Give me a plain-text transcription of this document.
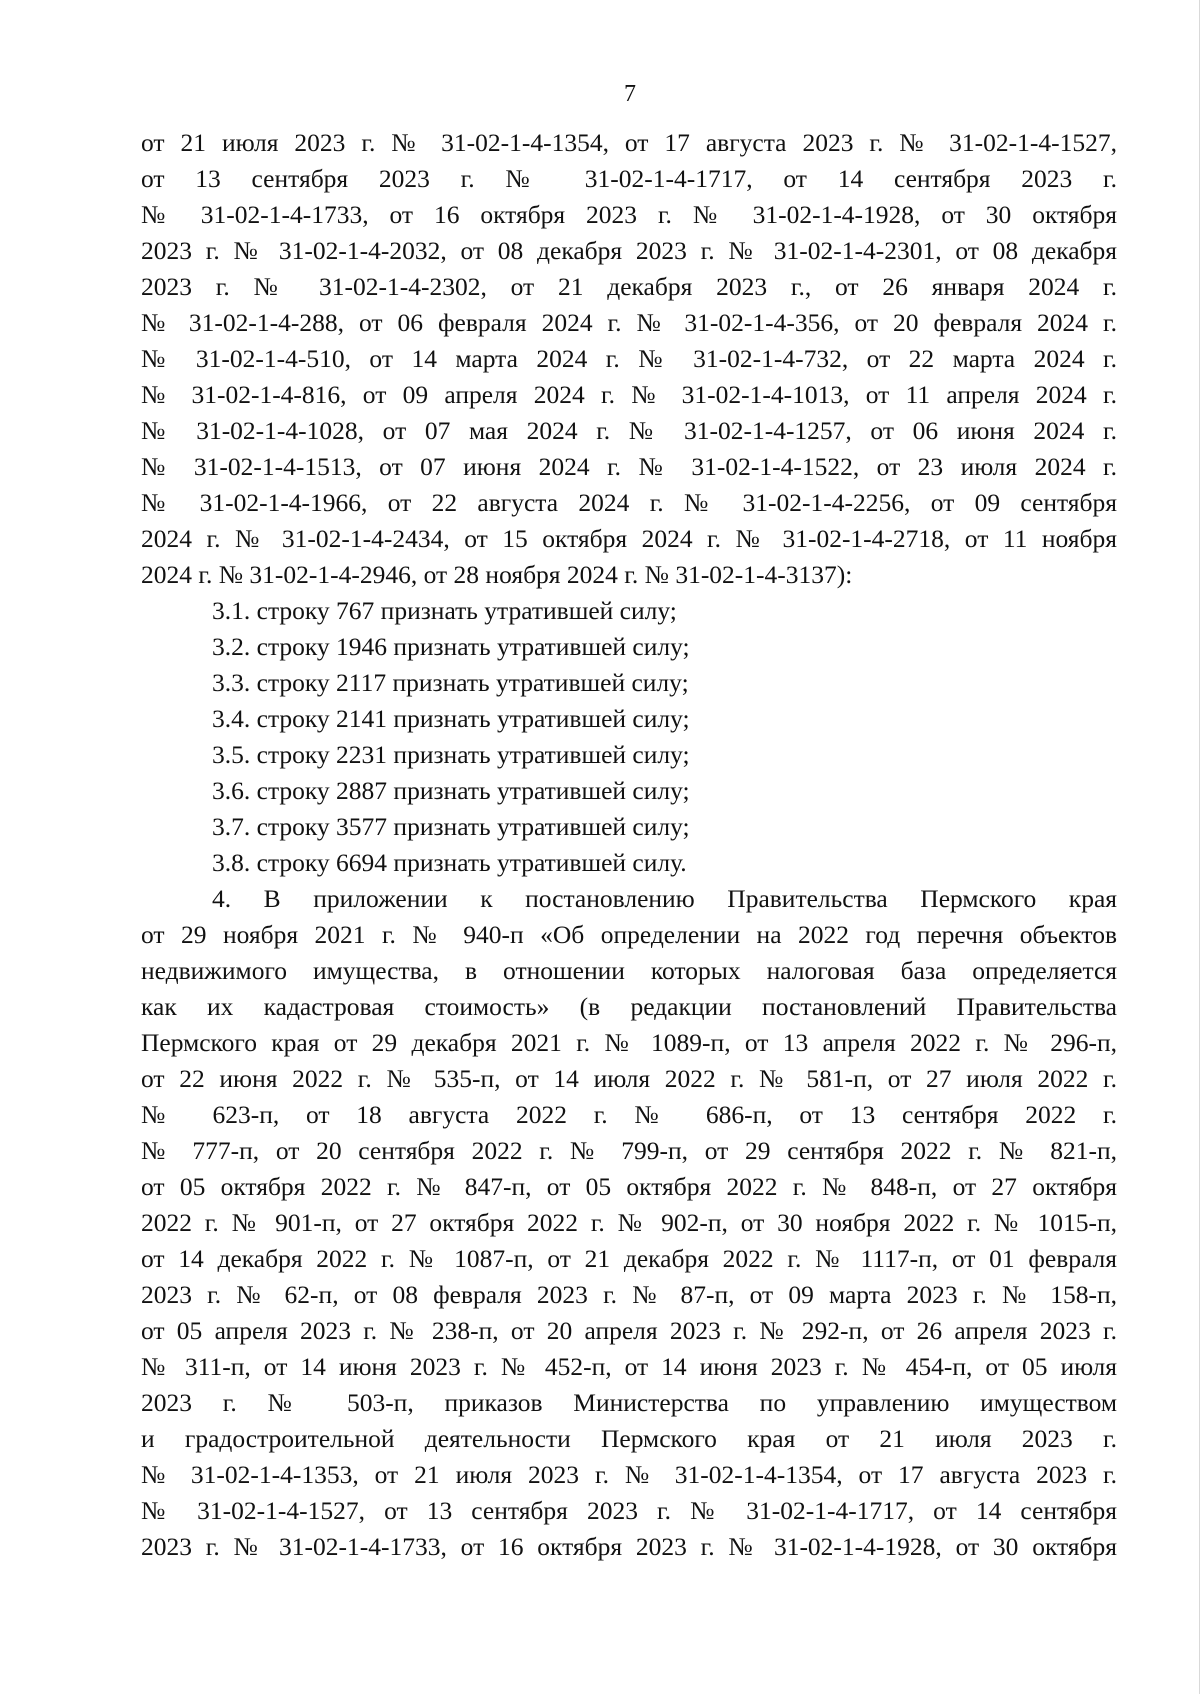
7
от 21 июля 2023 г. № 31-02-1-4-1354, от 17 августа 2023 г. № 31-02-1-4-1527,
от 13 сентября 2023 г. № 31-02-1-4-1717, от 14 сентября 2023 г.
№ 31-02-1-4-1733, от 16 октября 2023 г. № 31-02-1-4-1928, от 30 октября
2023 г. № 31-02-1-4-2032, от 08 декабря 2023 г. № 31-02-1-4-2301, от 08 декабря
2023 г. № 31-02-1-4-2302, от 21 декабря 2023 г., от 26 января 2024 г.
№ 31-02-1-4-288, от 06 февраля 2024 г. № 31-02-1-4-356, от 20 февраля 2024 г.
№ 31-02-1-4-510, от 14 марта 2024 г. № 31-02-1-4-732, от 22 марта 2024 г.
№ 31-02-1-4-816, от 09 апреля 2024 г. № 31-02-1-4-1013, от 11 апреля 2024 г.
№ 31-02-1-4-1028, от 07 мая 2024 г. № 31-02-1-4-1257, от 06 июня 2024 г.
№ 31-02-1-4-1513, от 07 июня 2024 г. № 31-02-1-4-1522, от 23 июля 2024 г.
№ 31-02-1-4-1966, от 22 августа 2024 г. № 31-02-1-4-2256, от 09 сентября
2024 г. № 31-02-1-4-2434, от 15 октября 2024 г. № 31-02-1-4-2718, от 11 ноября
2024 г. № 31-02-1-4-2946, от 28 ноября 2024 г. № 31-02-1-4-3137):
3.1. строку 767 признать утратившей силу;
3.2. строку 1946 признать утратившей силу;
3.3. строку 2117 признать утратившей силу;
3.4. строку 2141 признать утратившей силу;
3.5. строку 2231 признать утратившей силу;
3.6. строку 2887 признать утратившей силу;
3.7. строку 3577 признать утратившей силу;
3.8. строку 6694 признать утратившей силу.
4. В приложении к постановлению Правительства Пермского края
от 29 ноября 2021 г. № 940-п «Об определении на 2022 год перечня объектов
недвижимого имущества, в отношении которых налоговая база определяется
как их кадастровая стоимость» (в редакции постановлений Правительства
Пермского края от 29 декабря 2021 г. № 1089-п, от 13 апреля 2022 г. № 296-п,
от 22 июня 2022 г. № 535-п, от 14 июля 2022 г. № 581-п, от 27 июля 2022 г.
№ 623-п, от 18 августа 2022 г. № 686-п, от 13 сентября 2022 г.
№ 777-п, от 20 сентября 2022 г. № 799-п, от 29 сентября 2022 г. № 821-п,
от 05 октября 2022 г. № 847-п, от 05 октября 2022 г. № 848-п, от 27 октября
2022 г. № 901-п, от 27 октября 2022 г. № 902-п, от 30 ноября 2022 г. № 1015-п,
от 14 декабря 2022 г. № 1087-п, от 21 декабря 2022 г. № 1117-п, от 01 февраля
2023 г. № 62-п, от 08 февраля 2023 г. № 87-п, от 09 марта 2023 г. № 158-п,
от 05 апреля 2023 г. № 238-п, от 20 апреля 2023 г. № 292-п, от 26 апреля 2023 г.
№ 311-п, от 14 июня 2023 г. № 452-п, от 14 июня 2023 г. № 454-п, от 05 июля
2023 г. № 503-п, приказов Министерства по управлению имуществом
и градостроительной деятельности Пермского края от 21 июля 2023 г.
№ 31-02-1-4-1353, от 21 июля 2023 г. № 31-02-1-4-1354, от 17 августа 2023 г.
№ 31-02-1-4-1527, от 13 сентября 2023 г. № 31-02-1-4-1717, от 14 сентября
2023 г. № 31-02-1-4-1733, от 16 октября 2023 г. № 31-02-1-4-1928, от 30 октября
